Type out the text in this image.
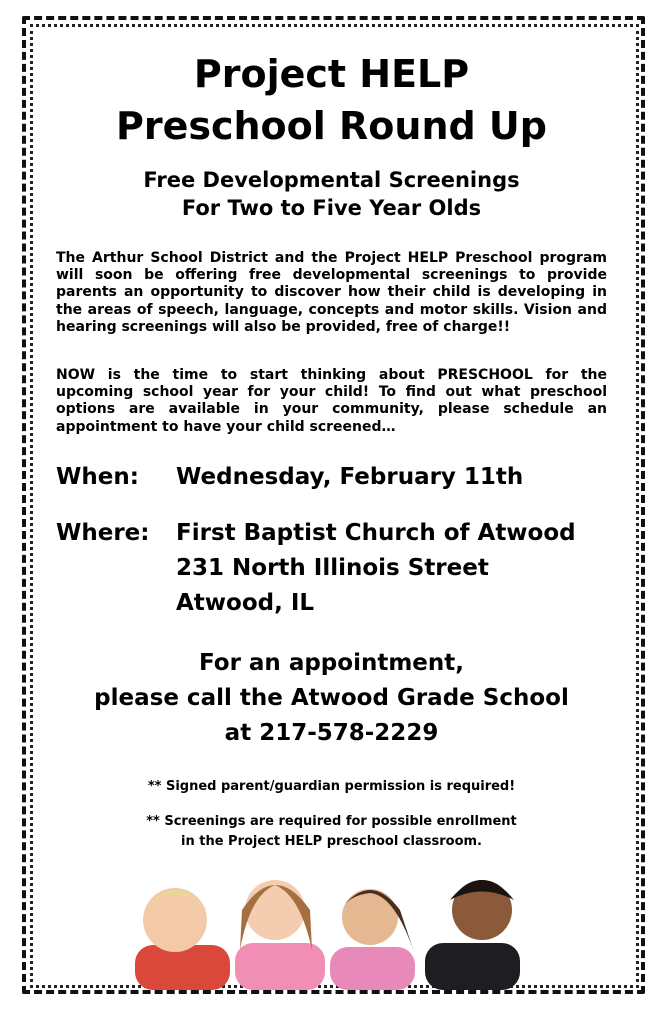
Project HELP
Preschool Round Up
Free Developmental Screenings
For Two to Five Year Olds
The Arthur School District and the Project HELP Preschool program will soon be offering free developmental screenings to provide parents an opportunity to discover how their child is developing in the areas of speech, language, concepts and motor skills. Vision and hearing screenings will also be provided, free of charge!!
NOW is the time to start thinking about PRESCHOOL for the upcoming school year for your child! To find out what preschool options are available in your community, please schedule an appointment to have your child screened…
When: Wednesday, February 11th
Where: First Baptist Church of Atwood
231 North Illinois Street
Atwood, IL
For an appointment,
please call the Atwood Grade School
at 217-578-2229
** Signed parent/guardian permission is required!
** Screenings are required for possible enrollment
in the Project HELP preschool classroom.
